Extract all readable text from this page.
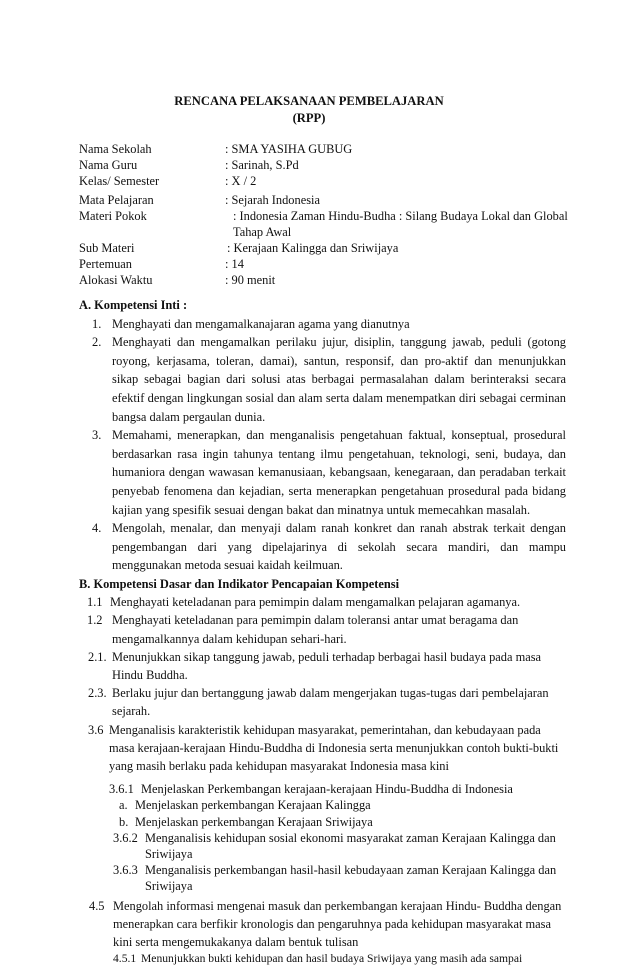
RENCANA PELAKSANAAN PEMBELAJARAN
(RPP)
Nama Sekolah	: SMA YASIHA GUBUG
Nama Guru	: Sarinah, S.Pd
Kelas/ Semester	: X / 2
Mata Pelajaran	: Sejarah Indonesia
Materi Pokok	: Indonesia Zaman Hindu-Budha : Silang Budaya Lokal dan Global Tahap Awal
Sub Materi	: Kerajaan Kalingga dan Sriwijaya
Pertemuan	: 14
Alokasi Waktu	: 90 menit
A. Kompetensi Inti :
1. Menghayati dan mengamalkanajaran agama yang dianutnya
2. Menghayati dan mengamalkan perilaku jujur, disiplin, tanggung jawab, peduli (gotong royong, kerjasama, toleran, damai), santun, responsif, dan pro-aktif dan menunjukkan sikap sebagai bagian dari solusi atas berbagai permasalahan dalam berinteraksi secara efektif dengan lingkungan sosial dan alam serta dalam menempatkan diri sebagai cerminan bangsa dalam pergaulan dunia.
3. Memahami, menerapkan, dan menganalisis pengetahuan faktual, konseptual, prosedural berdasarkan rasa ingin tahunya tentang ilmu pengetahuan, teknologi, seni, budaya, dan humaniora dengan wawasan kemanusiaan, kebangsaan, kenegaraan, dan peradaban terkait penyebab fenomena dan kejadian, serta menerapkan pengetahuan prosedural pada bidang kajian yang spesifik sesuai dengan bakat dan minatnya untuk memecahkan masalah.
4. Mengolah, menalar, dan menyaji dalam ranah konkret dan ranah abstrak terkait dengan pengembangan dari yang dipelajarinya di sekolah secara mandiri, dan mampu menggunakan metoda sesuai kaidah keilmuan.
B. Kompetensi Dasar dan Indikator Pencapaian Kompetensi
1.1 Menghayati keteladanan para pemimpin dalam mengamalkan pelajaran agamanya.
1.2 Menghayati keteladanan para pemimpin dalam toleransi antar umat beragama dan mengamalkannya dalam kehidupan sehari-hari.
2.1. Menunjukkan sikap tanggung jawab, peduli terhadap berbagai hasil budaya pada masa Hindu Buddha.
2.3. Berlaku jujur dan bertanggung jawab dalam mengerjakan tugas-tugas dari pembelajaran sejarah.
3.6 Menganalisis karakteristik kehidupan masyarakat, pemerintahan, dan kebudayaan pada masa kerajaan-kerajaan Hindu-Buddha di Indonesia serta menunjukkan contoh bukti-bukti yang masih berlaku pada kehidupan masyarakat Indonesia masa kini
3.6.1 Menjelaskan Perkembangan kerajaan-kerajaan Hindu-Buddha di Indonesia
a. Menjelaskan perkembangan Kerajaan Kalingga
b. Menjelaskan perkembangan Kerajaan Sriwijaya
3.6.2 Menganalisis kehidupan sosial ekonomi masyarakat zaman Kerajaan Kalingga dan Sriwijaya
3.6.3 Menganalisis perkembangan hasil-hasil kebudayaan zaman Kerajaan Kalingga dan Sriwijaya
4.5 Mengolah informasi mengenai masuk dan perkembangan kerajaan Hindu- Buddha dengan menerapkan cara berfikir kronologis dan pengaruhnya pada kehidupan masyarakat masa kini serta mengemukakanya dalam bentuk tulisan
4.5.1 Menunjukkan bukti kehidupan dan hasil budaya Sriwijaya yang masih ada sampai
